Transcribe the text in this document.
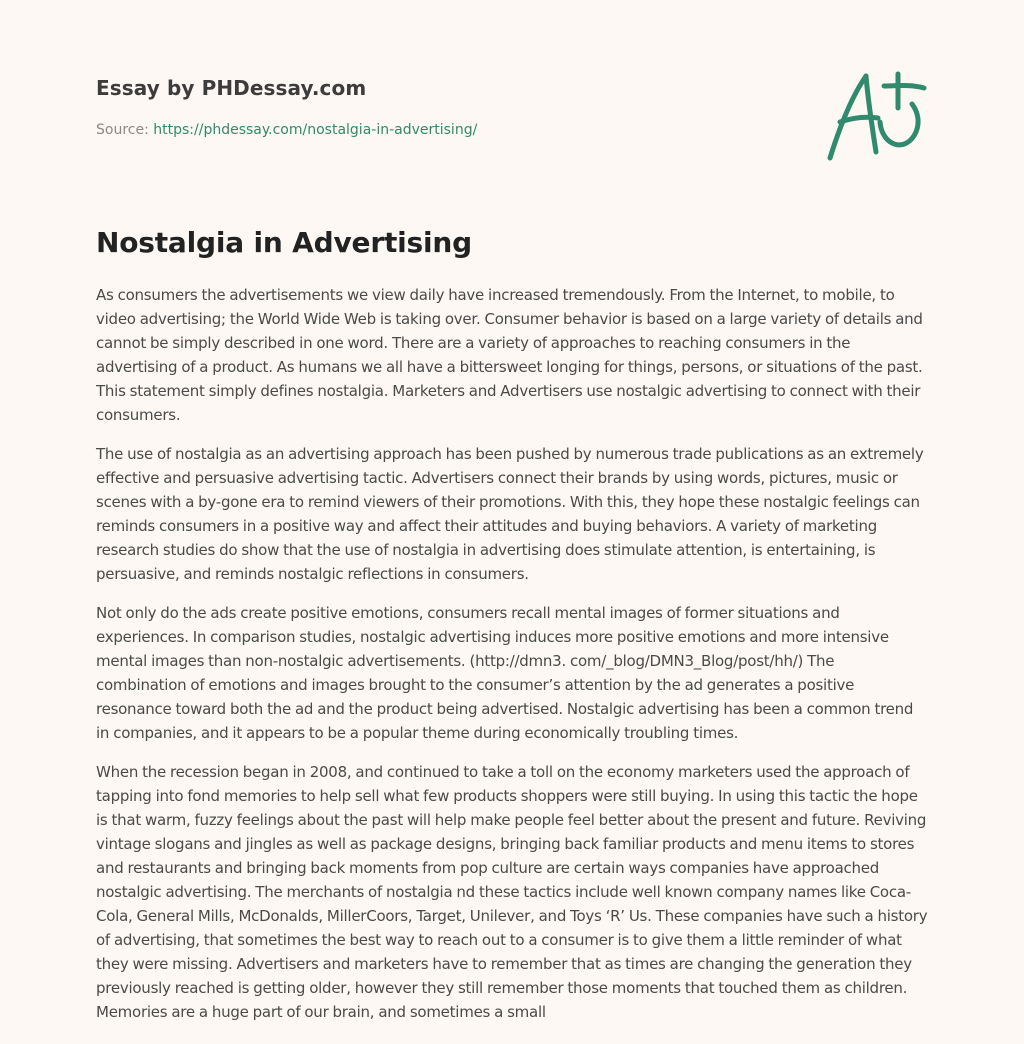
Essay by PHDessay.com
Source: https://phdessay.com/nostalgia-in-advertising/
Nostalgia in Advertising

As consumers the advertisements we view daily have increased tremendously. From the Internet, to mobile, to video advertising; the World Wide Web is taking over. Consumer behavior is based on a large variety of details and cannot be simply described in one word. There are a variety of approaches to reaching consumers in the advertising of a product. As humans we all have a bittersweet longing for things, persons, or situations of the past. This statement simply defines nostalgia. Marketers and Advertisers use nostalgic advertising to connect with their consumers.

The use of nostalgia as an advertising approach has been pushed by numerous trade publications as an extremely effective and persuasive advertising tactic. Advertisers connect their brands by using words, pictures, music or scenes with a by-gone era to remind viewers of their promotions. With this, they hope these nostalgic feelings can reminds consumers in a positive way and affect their attitudes and buying behaviors. A variety of marketing research studies do show that the use of nostalgia in advertising does stimulate attention, is entertaining, is persuasive, and reminds nostalgic reflections in consumers.

Not only do the ads create positive emotions, consumers recall mental images of former situations and experiences. In comparison studies, nostalgic advertising induces more positive emotions and more intensive mental images than non-nostalgic advertisements. (http://dmn3. com/_blog/DMN3_Blog/post/hh/) The combination of emotions and images brought to the consumer’s attention by the ad generates a positive resonance toward both the ad and the product being advertised. Nostalgic advertising has been a common trend in companies, and it appears to be a popular theme during economically troubling times.

When the recession began in 2008, and continued to take a toll on the economy marketers used the approach of tapping into fond memories to help sell what few products shoppers were still buying. In using this tactic the hope is that warm, fuzzy feelings about the past will help make people feel better about the present and future. Reviving vintage slogans and jingles as well as package designs, bringing back familiar products and menu items to stores and restaurants and bringing back moments from pop culture are certain ways companies have approached nostalgic advertising. The merchants of nostalgia nd these tactics include well known company names like Coca-Cola, General Mills, McDonalds, MillerCoors, Target, Unilever, and Toys ‘R’ Us. These companies have such a history of advertising, that sometimes the best way to reach out to a consumer is to give them a little reminder of what they were missing. Advertisers and marketers have to remember that as times are changing the generation they previously reached is getting older, however they still remember those moments that touched them as children. Memories are a huge part of our brain, and sometimes a small
